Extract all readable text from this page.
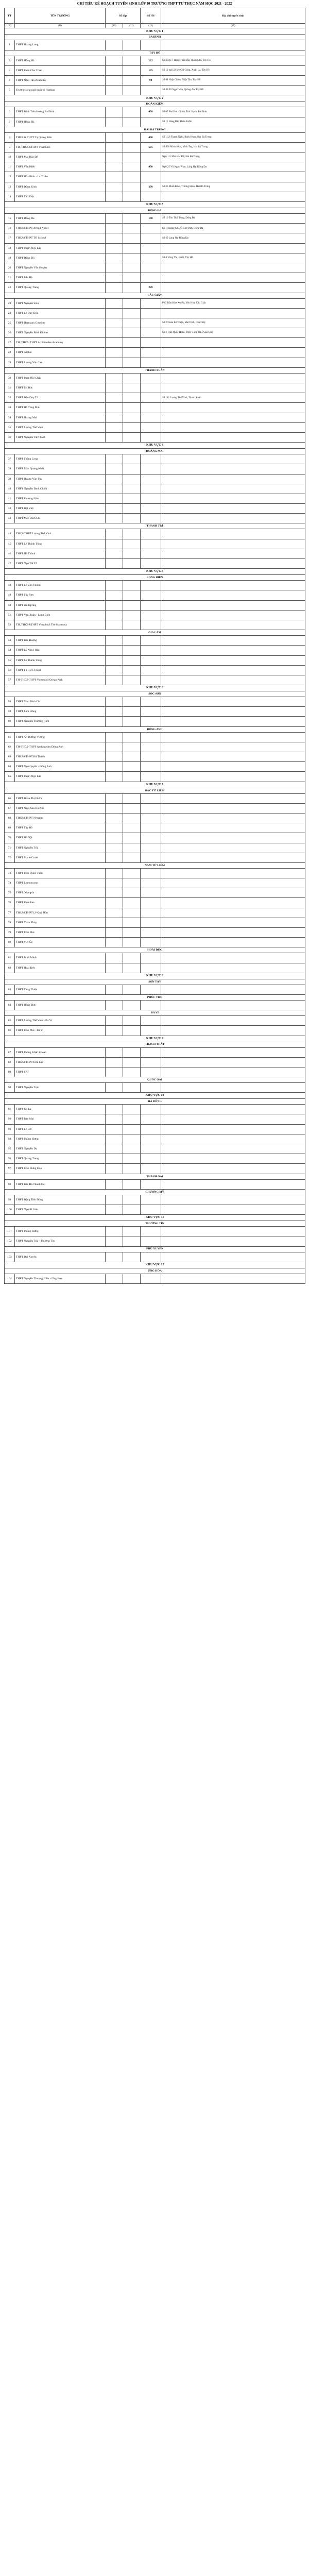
CHỈ TIÊU KẾ HOẠCH TUYỂN SINH LỚP 10 TRƯỜNG THPT TƯ THỤC NĂM HỌC 2021 - 2022
TT	TÊN TRƯỜNG	Số lớp		Số HS	Địa chỉ tuyển sinh
(A)	(B)	(10)	(11)	(12)	(17)
KHU VỰC 1					
BA ĐÌNH					
1	THPT Hoàng Long				
TÂY HỒ					
2	THPT Hồng Hà			225	Số 6 ngõ 7 Đặng Thai Mai, Quảng An, Tây Hồ
3	THPT Phan Chu Trinh			135	Số 10 ngõ 22 Võ Chí Công, Xuân La, Tây Hồ
4	THPT Nhật Tân Academy			90	Số 68 Nhật Chiêu, Nhật Tân, Tây Hồ
5	Trường song ngữ quốc tế Horizon				Số 40 Tô Ngọc Vân, Quảng An, Tây Hồ
KHU VỰC 2					
HOÀN KIẾM					
6	THPT Đinh Tiên Hoàng Ba Đình			450	Số 67 Phó Đức Chính, Trúc Bạch, Ba Đình
7	THPT Hồng Hà				Số 15 Hàng Bài, Hoàn Kiếm
HAI BÀ TRƯNG					
8	THCS & THPT Tạ Quang Bửu			450	Số 1 Lê Thanh Nghị, Bách Khoa, Hai Bà Trưng
9	TH, THCS&THPT Vinschool			675	Số 458 Minh Khai, Vĩnh Tuy, Hai Bà Trưng
10	THPT Mai Hắc Đế				Ngõ 111 Mai Hắc Đế, Hai Bà Trưng
11	THPT Văn Hiến			450	Ngõ 25 Vũ Ngọc Phan, Láng Hạ, Đống Đa
12	THPT Hòa Bình - La Trobe				
13	THPT Đông Kinh			270	Số 66 Minh Khai, Trương Định, Hai Bà Trưng
14	THPT Tân Việt				
KHU VỰC 3					
ĐỐNG ĐA					
15	THPT Đống Đa			180	Số 10 Tôn Thất Tùng, Đống Đa
16	THCS&THPT Alfred Nobel				Số 1 Hoàng Cầu, Ô Chợ Dừa, Đống Đa
17	THCS&THPT TH School				Số 30 Láng Hạ, Đống Đa
18	THPT Phạm Ngũ Lão				
19	THPT Đông Đô				Số 8 Võng Thị, Bưởi, Tây Hồ
20	THPT Nguyễn Văn Huyên				
21	THPT Bắc Hà				
22	THPT Quang Trung			270	
CẦU GIẤY					
23	THPT Nguyễn Siêu				Phố Trần Kim Xuyến, Yên Hòa, Cầu Giấy
24	THPT Lê Quý Đôn				
25	THPT Hermann Gmeiner				Số 2 Doãn Kế Thiện, Mai Dịch, Cầu Giấy
26	THPT Nguyễn Bỉnh Khiêm				Số 6 Trần Quốc Hoàn, Dịch Vọng Hậu, Cầu Giấy
27	TH, THCS, THPT Archimedes Academy				
28	THPT Global				
29	THPT Lương Văn Can				
THANH XUÂN					
30	THPT Phan Bội Châu				
31	THPT Trí Đức				
32	THPT Đào Duy Từ				Số 182 Lương Thế Vinh, Thanh Xuân
33	THPT Hồ Tùng Mậu				
34	THPT Hoàng Mai				
35	THPT Lương Thế Vinh				
36	THPT Nguyễn Tất Thành				
KHU VỰC 4					
HOÀNG MAI					
37	THPT Thăng Long				
38	THPT Trần Quang Khải				
39	THPT Hoàng Văn Thụ				
40	THPT Nguyễn Đình Chiểu				
41	THPT Phương Nam				
42	THPT Đại Việt				
43	THPT Mạc Đĩnh Chi				
THANH TRÌ					
44	THCS-THPT Lương Thế Vinh				
45	THPT Lê Thánh Tông				
46	THPT Hà Thành				
47	THPT Ngô Tất Tố				
KHU VỰC 5					
LONG BIÊN					
48	THPT Lê Văn Thiêm				
49	THPT Tây Sơn				
50	THPT Wellspring				
51	THPT Vạn Xuân - Long Biên				
52	TH, THCS&THPT Vinschool The Harmony				
GIA LÂM					
53	THPT Bắc Đuống				
54	THPT Lý Ngọc Hân				
55	THPT Lê Thánh Tông				
56	THPT Tô Hiến Thành				
57	TH-THCS-THPT Vinschool Ocean Park				
KHU VỰC 6					
SÓC SƠN					
58	THPT Mạc Đĩnh Chi				
59	THPT Lam Hồng				
60	THPT Nguyễn Thượng Hiền				
ĐÔNG ANH					
61	THPT An Dương Vương				
62	TH-THCS-THPT Archimedes Đông Anh				
63	THCS&THPT Hà Thành				
64	THPT Ngô Quyền - Đông Anh				
65	THPT Phạm Ngũ Lão				
KHU VỰC 7					
BẮC TỪ LIÊM					
66	THPT Đoàn Thị Điểm				
67	THPT Ngôi Sao Hà Nội				
68	THCS&THPT Newton				
69	THPT Tây Đô				
70	THPT Hà Nội				
71	THPT Nguyễn Trãi				
72	THPT Marie Curie				
NAM TỪ LIÊM					
73	THPT Trần Quốc Tuấn				
74	THPT Lomonoxop				
75	THPT Olympia				
76	THPT Phenikaa				
77	THCS&THPT Lê Quý Đôn				
78	THPT Xuân Thủy				
79	THPT Trần Phú				
80	THPT Việt Úc				
HOÀI ĐỨC					
81	THPT Bình Minh				
82	THPT Hoài Đức				
KHU VỰC 8					
SƠN TÂY					
83	THPT Tùng Thiện				
PHÚC THỌ					
84	THPT Hồng Đức				
BA VÌ					
85	THPT Lương Thế Vinh - Ba Vì				
86	THPT Trần Phú - Ba Vì				
KHU VỰC 9					
THẠCH THẤT					
87	THPT Phùng Khắc Khoan				
88	THCS&THPT Hòa Lạc				
89	THPT FPT				
QUỐC OAI					
90	THPT Nguyễn Trực				
KHU VỰC 10					
HÀ ĐÔNG					
91	THPT Xa La				
92	THPT Ban Mai				
93	THPT Lê Lợi				
94	THPT Phùng Hưng				
95	THPT Nguyễn Du				
96	THPT Quang Trung				
97	THPT Trần Hưng Đạo				
THANH OAI					
98	THPT Bắc Hà Thanh Oai				
CHƯƠNG MỸ					
99	THPT Đặng Tiến Đông				
100	THPT Ngô Sĩ Liên				
KHU VỰC 11					
THƯỜNG TÍN					
101	THPT Phùng Hưng				
102	THPT Nguyễn Trãi - Thường Tín				
PHÚ XUYÊN					
103	THPT Đại Xuyên				
KHU VỰC 12					
ỨNG HÒA					
104	THPT Nguyễn Thượng Hiền - Ứng Hòa				
